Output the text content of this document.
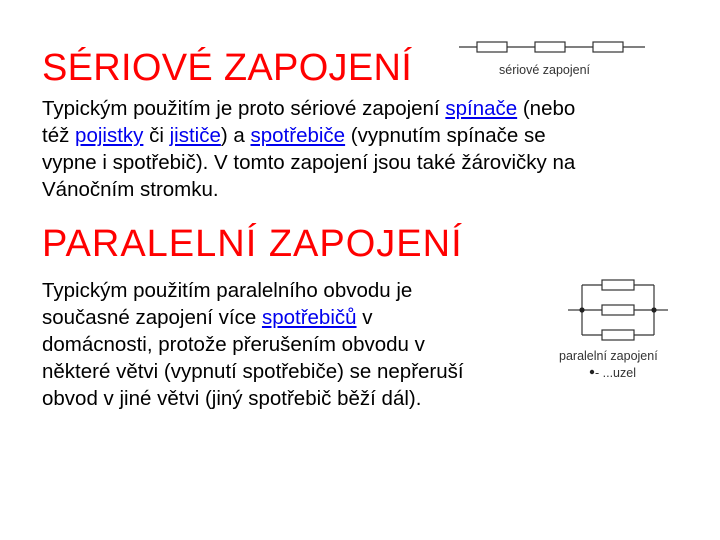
SÉRIOVÉ ZAPOJENÍ	sériové zapojení

Typickým použitím je proto sériové zapojení spínače (nebo
též pojistky či jističe) a spotřebiče (vypnutím spínače se
vypne i spotřebič). V tomto zapojení jsou také žárovičky na
Vánočním stromku.

PARALELNÍ ZAPOJENÍ

Typickým použitím paralelního obvodu je
současné zapojení více spotřebičů v
domácnosti, protože přerušením obvodu v
některé větvi (vypnutí spotřebiče) se nepřeruší
obvod v jiné větvi (jiný spotřebič běží dál).

paralelní zapojení
- ...uzel
